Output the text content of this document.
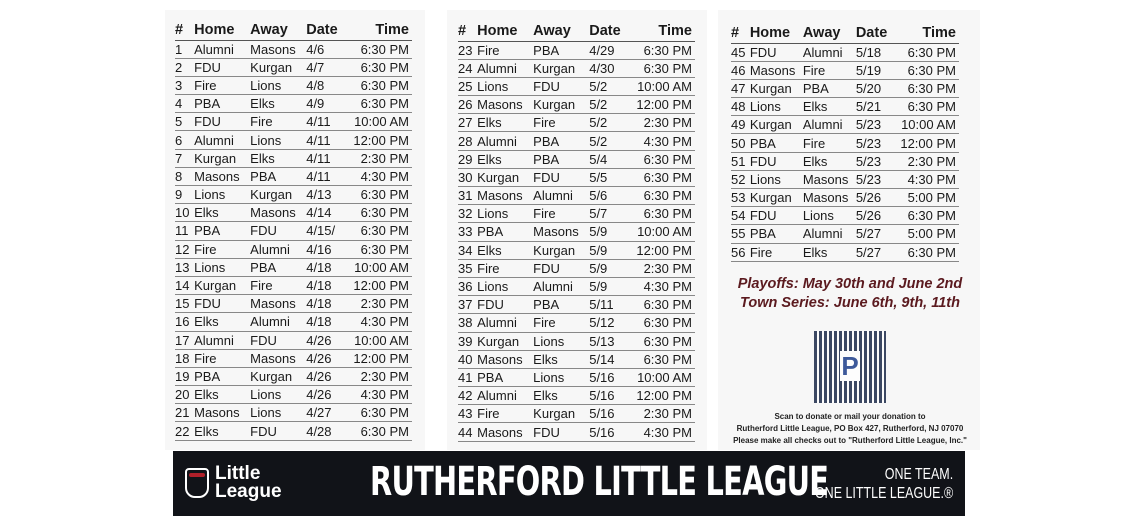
#	Home	Away	Date	Time
1	Alumni	Masons	4/6	6:30 PM
2	FDU	Kurgan	4/7	6:30 PM
3	Fire	Lions	4/8	6:30 PM
4	PBA	Elks	4/9	6:30 PM
5	FDU	Fire	4/11	10:00 AM
6	Alumni	Lions	4/11	12:00 PM
7	Kurgan	Elks	4/11	2:30 PM
8	Masons	PBA	4/11	4:30 PM
9	Lions	Kurgan	4/13	6:30 PM
10	Elks	Masons	4/14	6:30 PM
11	PBA	FDU	4/15/	6:30 PM
12	Fire	Alumni	4/16	6:30 PM
13	Lions	PBA	4/18	10:00 AM
14	Kurgan	Fire	4/18	12:00 PM
15	FDU	Masons	4/18	2:30 PM
16	Elks	Alumni	4/18	4:30 PM
17	Alumni	FDU	4/26	10:00 AM
18	Fire	Masons	4/26	12:00 PM
19	PBA	Kurgan	4/26	2:30 PM
20	Elks	Lions	4/26	4:30 PM
21	Masons	Lions	4/27	6:30 PM
22	Elks	FDU	4/28	6:30 PM
#	Home	Away	Date	Time
23	Fire	PBA	4/29	6:30 PM
24	Alumni	Kurgan	4/30	6:30 PM
25	Lions	FDU	5/2	10:00 AM
26	Masons	Kurgan	5/2	12:00 PM
27	Elks	Fire	5/2	2:30 PM
28	Alumni	PBA	5/2	4:30 PM
29	Elks	PBA	5/4	6:30 PM
30	Kurgan	FDU	5/5	6:30 PM
31	Masons	Alumni	5/6	6:30 PM
32	Lions	Fire	5/7	6:30 PM
33	PBA	Masons	5/9	10:00 AM
34	Elks	Kurgan	5/9	12:00 PM
35	Fire	FDU	5/9	2:30 PM
36	Lions	Alumni	5/9	4:30 PM
37	FDU	PBA	5/11	6:30 PM
38	Alumni	Fire	5/12	6:30 PM
39	Kurgan	Lions	5/13	6:30 PM
40	Masons	Elks	5/14	6:30 PM
41	PBA	Lions	5/16	10:00 AM
42	Alumni	Elks	5/16	12:00 PM
43	Fire	Kurgan	5/16	2:30 PM
44	Masons	FDU	5/16	4:30 PM
#	Home	Away	Date	Time
45	FDU	Alumni	5/18	6:30 PM
46	Masons	Fire	5/19	6:30 PM
47	Kurgan	PBA	5/20	6:30 PM
48	Lions	Elks	5/21	6:30 PM
49	Kurgan	Alumni	5/23	10:00 AM
50	PBA	Fire	5/23	12:00 PM
51	FDU	Elks	5/23	2:30 PM
52	Lions	Masons	5/23	4:30 PM
53	Kurgan	Masons	5/26	5:00 PM
54	FDU	Lions	5/26	6:30 PM
55	PBA	Alumni	5/27	5:00 PM
56	Fire	Elks	5/27	6:30 PM
Playoffs: May 30th and June 2nd
Town Series: June 6th, 9th, 11th
P
Scan to donate or mail your donation to
Rutherford Little League, PO Box 427, Rutherford, NJ 07070
Please make all checks out to "Rutherford Little League, Inc."
Little
League RUTHERFORD LITTLE LEAGUE	ONE TEAM.
ONE LITTLE LEAGUE.®
